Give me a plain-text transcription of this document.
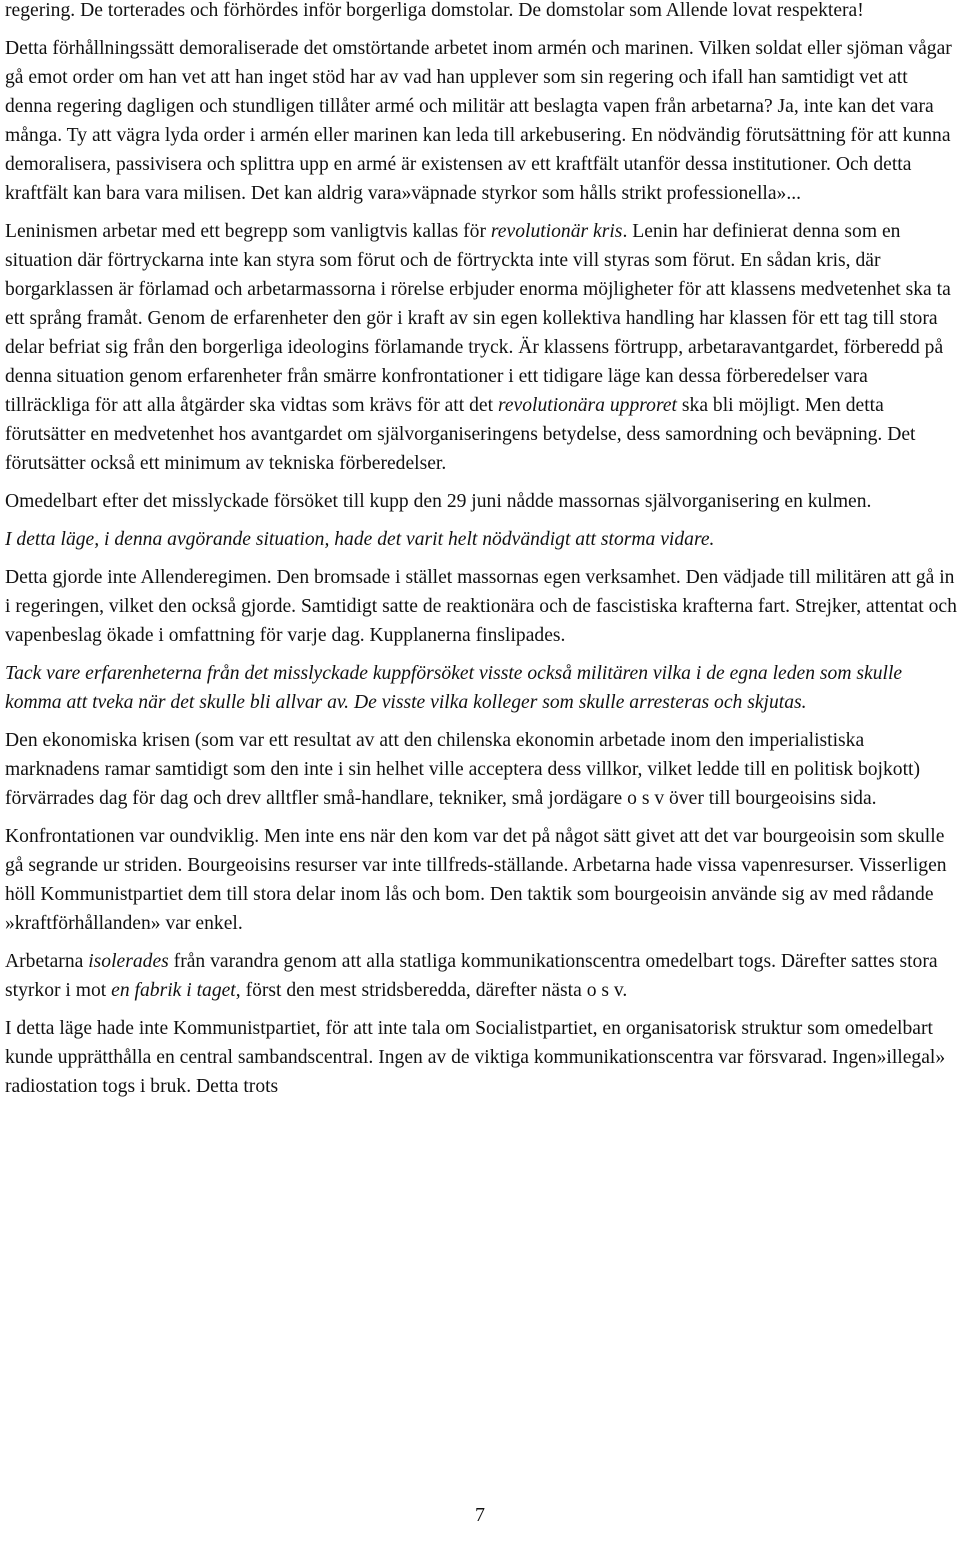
regering. De torterades och förhördes inför borgerliga domstolar. De domstolar som Allende lovat respektera!

Detta förhållningssätt demoraliserade det omstörtande arbetet inom armén och marinen. Vilken soldat eller sjöman vågar gå emot order om han vet att han inget stöd har av vad han upplever som sin regering och ifall han samtidigt vet att denna regering dagligen och stundligen tillåter armé och militär att beslagta vapen från arbetarna? Ja, inte kan det vara många. Ty att vägra lyda order i armén eller marinen kan leda till arkebusering. En nödvändig förutsättning för att kunna demoralisera, passivisera och splittra upp en armé är existensen av ett kraftfält utanför dessa institutioner. Och detta kraftfält kan bara vara milisen. Det kan aldrig vara»väpnade styrkor som hålls strikt professionella»...

Leninismen arbetar med ett begrepp som vanligtvis kallas för revolutionär kris. Lenin har definierat denna som en situation där förtryckarna inte kan styra som förut och de förtryckta inte vill styras som förut. En sådan kris, där borgarklassen är förlamad och arbetarmassorna i rörelse erbjuder enorma möjligheter för att klassens medvetenhet ska ta ett språng framåt. Genom de erfarenheter den gör i kraft av sin egen kollektiva handling har klassen för ett tag till stora delar befriat sig från den borgerliga ideologins förlamande tryck. Är klassens förtrupp, arbetaravantgardet, förberedd på denna situation genom erfarenheter från smärre konfrontationer i ett tidigare läge kan dessa förberedelser vara tillräckliga för att alla åtgärder ska vidtas som krävs för att det revolutionära upproret ska bli möjligt. Men detta förutsätter en medvetenhet hos avantgardet om självorganiseringens betydelse, dess samordning och beväpning. Det förutsätter också ett minimum av tekniska förberedelser.

Omedelbart efter det misslyckade försöket till kupp den 29 juni nådde massornas självorganisering en kulmen.

I detta läge, i denna avgörande situation, hade det varit helt nödvändigt att storma vidare.

Detta gjorde inte Allenderegimen. Den bromsade i stället massornas egen verksamhet. Den vädjade till militären att gå in i regeringen, vilket den också gjorde. Samtidigt satte de reaktionära och de fascistiska krafterna fart. Strejker, attentat och vapenbeslag ökade i omfattning för varje dag. Kupplanerna finslipades.

Tack vare erfarenheterna från det misslyckade kuppförsöket visste också militären vilka i de egna leden som skulle komma att tveka när det skulle bli allvar av. De visste vilka kolleger som skulle arresteras och skjutas.

Den ekonomiska krisen (som var ett resultat av att den chilenska ekonomin arbetade inom den imperialistiska marknadens ramar samtidigt som den inte i sin helhet ville acceptera dess villkor, vilket ledde till en politisk bojkott) förvärrades dag för dag och drev alltfler små-handlare, tekniker, små jordägare o s v över till bourgeoisins sida.

Konfrontationen var oundviklig. Men inte ens när den kom var det på något sätt givet att det var bourgeoisin som skulle gå segrande ur striden. Bourgeoisins resurser var inte tillfreds-ställande. Arbetarna hade vissa vapenresurser. Visserligen höll Kommunistpartiet dem till stora delar inom lås och bom. Den taktik som bourgeoisin använde sig av med rådande »kraftförhållanden» var enkel.

Arbetarna isolerades från varandra genom att alla statliga kommunikationscentra omedelbart togs. Därefter sattes stora styrkor i mot en fabrik i taget, först den mest stridsberedda, därefter nästa o s v.

I detta läge hade inte Kommunistpartiet, för att inte tala om Socialistpartiet, en organisatorisk struktur som omedelbart kunde upprätthålla en central sambandscentral. Ingen av de viktiga kommunikationscentra var försvarad. Ingen»illegal» radiostation togs i bruk. Detta trots

7
